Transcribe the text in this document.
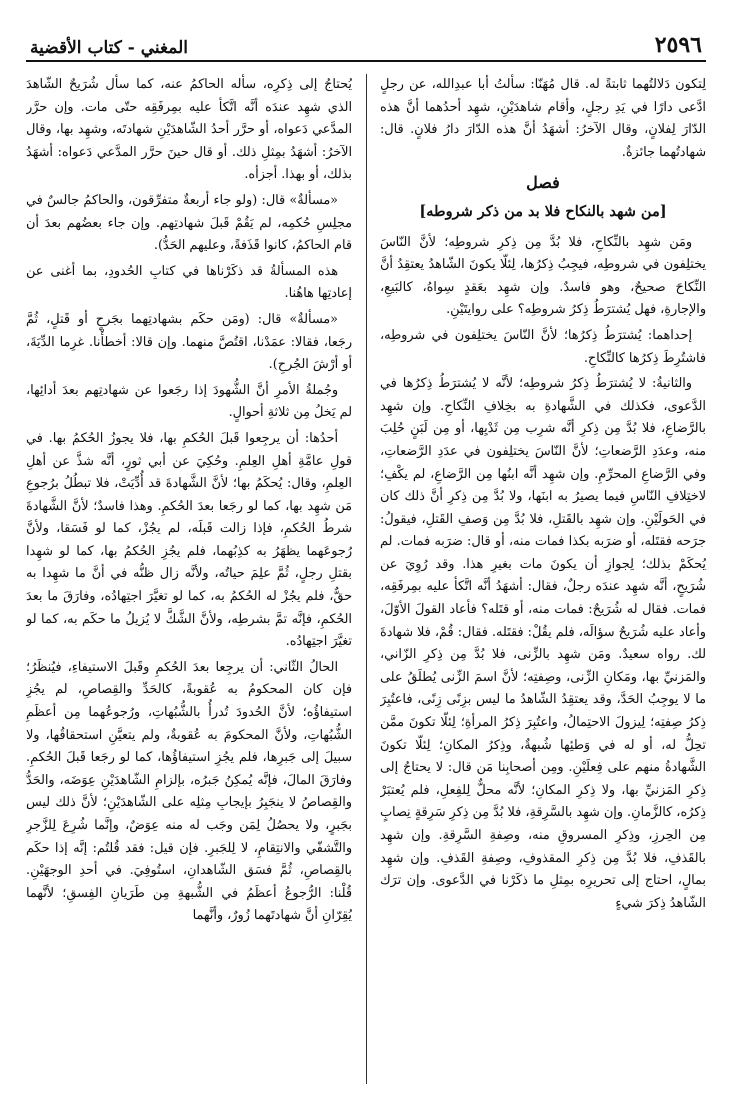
٢٥٩٦
المغني - كتاب الأقضية

لِتكون دَلالتُهما ثابتةً له. قال مُهَنّا: سألتُ أبا عبدِالله، عن رجلٍ ادَّعى دارًا في يَدِ رجلٍ، وأقام شاهدَيْنِ، شهِد أحدُهما أنَّ هذه الدّارَ لِفلانٍ، وقال الآخرُ: أشهَدُ أنَّ هذه الدّارَ دارُ فلانٍ. قال: شهادتُهما جائزةٌ.

فصل
[من شهد بالنكاح فلا بد من ذكر شروطه]

ومَن شهِد بالنِّكاحِ، فلا بُدَّ مِن ذِكرِ شروطِه؛ لأنَّ النّاسَ يختلِفون في شروطِه، فيجِبُ ذِكرُها، لِئلّا يكونَ الشّاهدُ يعتقِدُ أنَّ النِّكاحَ صحيحٌ، وهو فاسدٌ. وإن شهِد بعَقدٍ سِواهُ، كالبَيعِ، والإجارةِ، فهل يُشترَطُ ذِكرُ شروطِه؟ على روايتَيْنِ.

إحداهما: يُشترَطُ ذِكرُها؛ لأنَّ النّاسَ يختلِفون في شروطِه، فاشتُرِطَ ذِكرُها كالنِّكاحِ.

والثانيةُ: لا يُشترَطُ ذِكرُ شروطِه؛ لأنَّه لا يُشترَطُ ذِكرُها في الدَّعوى، فكذلك في الشَّهادةِ به بخِلافِ النِّكاحِ. وإن شهِد بالرَّضاعِ، فلا بُدَّ مِن ذِكرِ أنَّه شرِب مِن ثَدْيِها، أو مِن لَبَنٍ حُلِبَ منه، وعدَدِ الرَّضعاتِ؛ لأنَّ النّاسَ يختلِفون في عدَدِ الرَّضعاتِ، وفي الرَّضاعِ المحرِّمِ. وإن شهِد أنَّه ابنُها مِن الرَّضاعِ، لم يكْفِ؛ لاختِلافِ النّاسِ فيما يصيرُ به ابنَها، ولا بُدَّ مِن ذِكرِ أنَّ ذلك كان في الحَولَيْنِ. وإن شهِد بالقَتلِ، فلا بُدَّ مِن وَصفِ القَتلِ، فيقولُ: جرَحه فقتَله، أو ضرَبه بكذا فمات منه، أو قال: ضرَبه فمات. لم يُحكَمْ بذلك؛ لِجوازِ أن يكونَ مات بغيرِ هذا. وقد رُوِيَ عن شُرَيحٍ، أنَّه شهِد عندَه رجلٌ، فقال: أشهَدُ أنَّه اتَّكأ عليه بمِرفَقِه، فمات. فقال له شُرَيحٌ: فمات منه، أو قتَله؟ فأعاد القولَ الأوّلَ، وأعاد عليه شُرَيحٌ سؤالَه، فلم يقُلْ: فقتَله. فقال: قُمْ، فلا شهادةَ لك. رواه سعيدٌ. ومَن شهِد بالزِّنى، فلا بُدَّ مِن ذِكرِ الزّاني، والمَزنيِّ بها، ومَكانِ الزِّنى، وصِفتِه؛ لأنَّ اسمَ الزِّنى يُطلَقُ على ما لا يوجِبُ الحَدَّ، وقد يعتقِدُ الشّاهدُ ما ليس بزِنًى زِنًى، فاعتُبِرَ ذِكرُ صِفتِه؛ لِيزولَ الاحتِمالُ، واعتُبِرَ ذِكرُ المرأةِ؛ لِئلّا تكونَ ممَّن تحِلُّ له، أو له في وَطئِها شُبهةٌ، وذِكرُ المكانِ؛ لِئلّا تكونَ الشَّهادةُ منهم على فِعلَيْنِ. ومِن أصحابِنا مَن قال: لا يحتاجُ إلى ذِكرِ المَزنيِّ بها، ولا ذِكرِ المكانِ؛ لأنَّه محلٌّ لِلفِعلِ، فلم يُعتبَرْ ذِكرُه، كالزَّمانِ. وإن شهِد بالسَّرِقةِ، فلا بُدَّ مِن ذِكرِ سَرِقةٍ نِصابٍ مِن الحِرزِ، وذِكرِ المسروقِ منه، وصِفةِ السَّرِقةِ. وإن شهِد بالقَذفِ، فلا بُدَّ مِن ذِكرِ المقذوفِ، وصِفةِ القَذفِ. وإن شهِد بمالٍ، احتاج إلى تحريرِه بمِثلِ ما ذكَرْنا في الدَّعوى. وإن ترَك الشّاهدُ ذِكرَ شيءٍ

يُحتاجُ إلى ذِكرِه، سأله الحاكمُ عنه، كما سأل شُرَيحٌ الشّاهدَ الذي شهِد عندَه أنَّه اتَّكأ عليه بمِرفَقِه حتّى مات. وإن حرَّر المدَّعي دَعواه، أو حرَّر أحدُ الشّاهدَيْنِ شهادتَه، وشهِد بها، وقال الآخرُ: أشهَدُ بمِثلِ ذلك. أو قال حينَ حرَّر المدَّعي دَعواه: أشهَدُ بذلك، أو بهذا. أجزأه.

«مسألةٌ» قال: (ولو جاء أربعةٌ متفرِّقون، والحاكمُ جالسٌ في مجلِسِ حُكمِه، لم يَقُمْ قَبلَ شهادتِهم. وإن جاء بعضُهم بعدَ أن قام الحاكمُ، كانوا قَذَفةً، وعليهم الحَدُّ).

هذه المسألةُ قد ذكَرْناها في كتابِ الحُدودِ، بما أغنى عن إعادتِها هاهُنا.

«مسألةٌ» قال: (ومَن حكَم بشهادتِهما بجَرحٍ أو قَتلٍ، ثُمَّ رجَعا، فقالا: عمَدْنا، اقتُصَّ منهما. وإن قالا: أخطأْنا. غرِما الدِّيَةَ، أو أرْشَ الجُرحِ).

وجُملةُ الأمرِ أنَّ الشُّهودَ إذا رجَعوا عن شهادتِهم بعدَ أدائِها، لم يَخلُ مِن ثلاثةِ أحوالٍ.

أحدُها: أن يرجِعوا قَبلَ الحُكمِ بها، فلا يجوزُ الحُكمُ بها. في قولِ عامَّةِ أهلِ العِلمِ. وحُكِيَ عن أبي ثورٍ، أنَّه شذَّ عن أهلِ العِلمِ، وقال: يُحكَمُ بها؛ لأنَّ الشَّهادةَ قد أُدِّيَتْ، فلا تبطُلُ برُجوعِ مَن شهِد بها، كما لو رجَعا بعدَ الحُكمِ. وهذا فاسدٌ؛ لأنَّ الشَّهادةَ شرطُ الحُكمِ، فإذا زالت قَبلَه، لم يجُزْ، كما لو فَسَقا، ولأنَّ رُجوعَهما يظهَرُ به كذِبُهما، فلم يجُزِ الحُكمُ بها، كما لو شهِدا بقتلِ رجلٍ، ثُمَّ علِمَ حياتُه، ولأنَّه زال ظنُّه في أنَّ ما شهِدا به حقٌّ، فلم يجُزْ له الحُكمُ به، كما لو تغيَّرَ اجتِهادُه، وفارَقَ ما بعدَ الحُكمِ، فإنَّه تمَّ بشرطِه، ولأنَّ الشَّكَّ لا يُزيلُ ما حكَم به، كما لو تغيَّرَ اجتِهادُه.

الحالُ الثّاني: أن يرجِعا بعدَ الحُكمِ وقَبلَ الاستيفاءِ، فيُنظَرُ؛ فإن كان المحكومُ به عُقوبةً، كالحَدِّ والقِصاصِ، لم يجُزِ استيفاؤُه؛ لأنَّ الحُدودَ تُدرأُ بالشُّبُهاتِ، ورُجوعُهما مِن أعظَمِ الشُّبُهاتِ، ولأنَّ المحكومَ به عُقوبةٌ، ولم يتعيَّنِ استحقاقُها، ولا سبيلَ إلى جَبرِها، فلم يجُزِ استيفاؤُها، كما لو رجَعا قَبلَ الحُكمِ. وفارَقَ المالَ، فإنَّه يُمكِنُ جَبرُه، بإلزامِ الشّاهدَيْنِ عِوَضَه، والحَدُّ والقِصاصُ لا ينجَبِرُ بإيجابِ مِثلِه على الشّاهدَيْنِ؛ لأنَّ ذلك ليس بجَبرٍ، ولا يحصُلُ لِمَن وجَب له منه عِوَضٌ، وإنَّما شُرِعَ لِلزَّجرِ والتَّشفّي والانتِقامِ، لا لِلجَبرِ. فإن قيل: فقد قُلتُم: إنَّه إذا حكَم بالقِصاصِ، ثُمَّ فسَق الشّاهدانِ، استُوفِيَ. في أحدِ الوجهَيْنِ. قُلْنا: الرُّجوعُ أعظَمُ في الشُّبهةِ مِن طَرَيانِ الفِسقِ؛ لأنَّهما يُقِرّانِ أنَّ شهادتَهما زُورٌ، وأنَّهما
